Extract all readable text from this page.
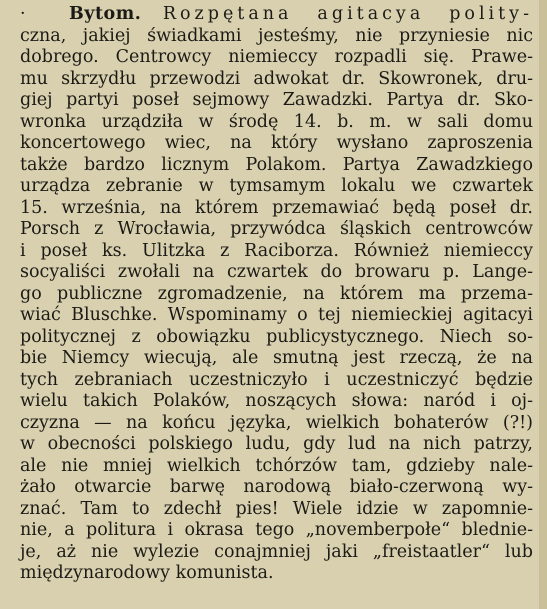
· Bytom. Rozpętana agitacya polity-
czna, jakiej świadkami jesteśmy, nie przyniesie nic
dobrego. Centrowcy niemieccy rozpadli się. Prawe-
mu skrzydłu przewodzi adwokat dr. Skowronek, dru-
giej partyi poseł sejmowy Zawadzki. Partya dr. Sko-
wronka urządziła w środę 14. b. m. w sali domu
koncertowego wiec, na który wysłano zaproszenia
także bardzo licznym Polakom. Partya Zawadzkiego
urządza zebranie w tymsamym lokalu we czwartek
15. września, na którem przemawiać będą poseł dr.
Porsch z Wrocławia, przywódca śląskich centrowców
i poseł ks. Ulitzka z Raciborza. Również niemieccy
socyaliści zwołali na czwartek do browaru p. Lange-
go publiczne zgromadzenie, na którem ma przema-
wiać Bluschke. Wspominamy o tej niemieckiej agitacyi
politycznej z obowiązku publicystycznego. Niech so-
bie Niemcy wiecują, ale smutną jest rzeczą, że na
tych zebraniach uczestniczyło i uczestniczyć będzie
wielu takich Polaków, noszących słowa: naród i oj-
czyzna — na końcu języka, wielkich bohaterów (?!)
w obecności polskiego ludu, gdy lud na nich patrzy,
ale nie mniej wielkich tchórzów tam, gdzieby nale-
żało otwarcie barwę narodową biało-czerwoną wy-
znać. Tam to zdechł pies! Wiele idzie w zapomnie-
nie, a politura i okrasa tego „novemberpołe“ blednie-
je, aż nie wylezie conajmniej jaki „freistaatler“ lub
międzynarodowy komunista.
